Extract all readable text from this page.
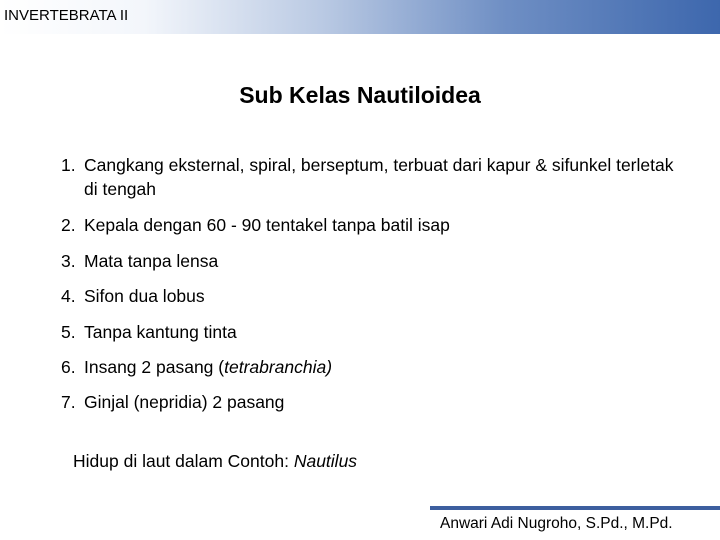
INVERTEBRATA II
Sub Kelas Nautiloidea
1. Cangkang eksternal, spiral, berseptum, terbuat dari kapur & sifunkel terletak di tengah
2. Kepala dengan 60 - 90 tentakel tanpa batil isap
3. Mata tanpa lensa
4. Sifon dua lobus
5. Tanpa kantung tinta
6. Insang 2 pasang (tetrabranchia)
7. Ginjal (nepridia) 2 pasang
Hidup di laut dalam Contoh: Nautilus
Anwari Adi Nugroho, S.Pd., M.Pd.
